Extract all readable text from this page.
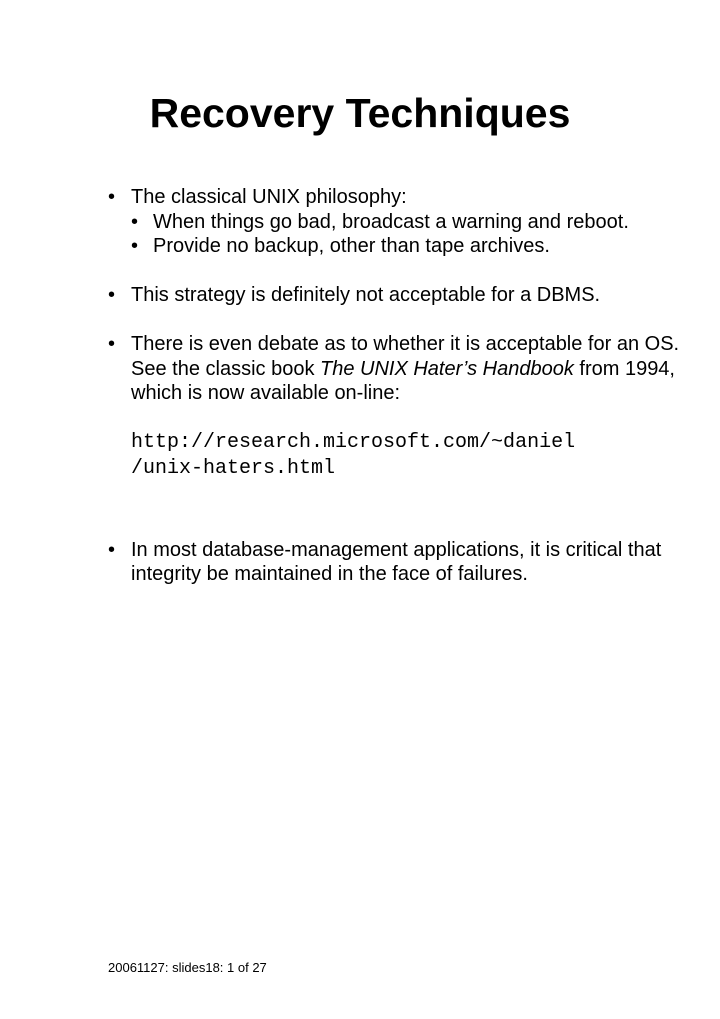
Recovery Techniques
• The classical UNIX philosophy:
• When things go bad, broadcast a warning and reboot.
• Provide no backup, other than tape archives.
• This strategy is definitely not acceptable for a DBMS.
• There is even debate as to whether it is acceptable for an OS. See the classic book The UNIX Hater’s Handbook from 1994, which is now available on-line:
http://research.microsoft.com/~daniel
/unix-haters.html
• In most database-management applications, it is critical that integrity be maintained in the face of failures.
20061127: slides18: 1 of 27
